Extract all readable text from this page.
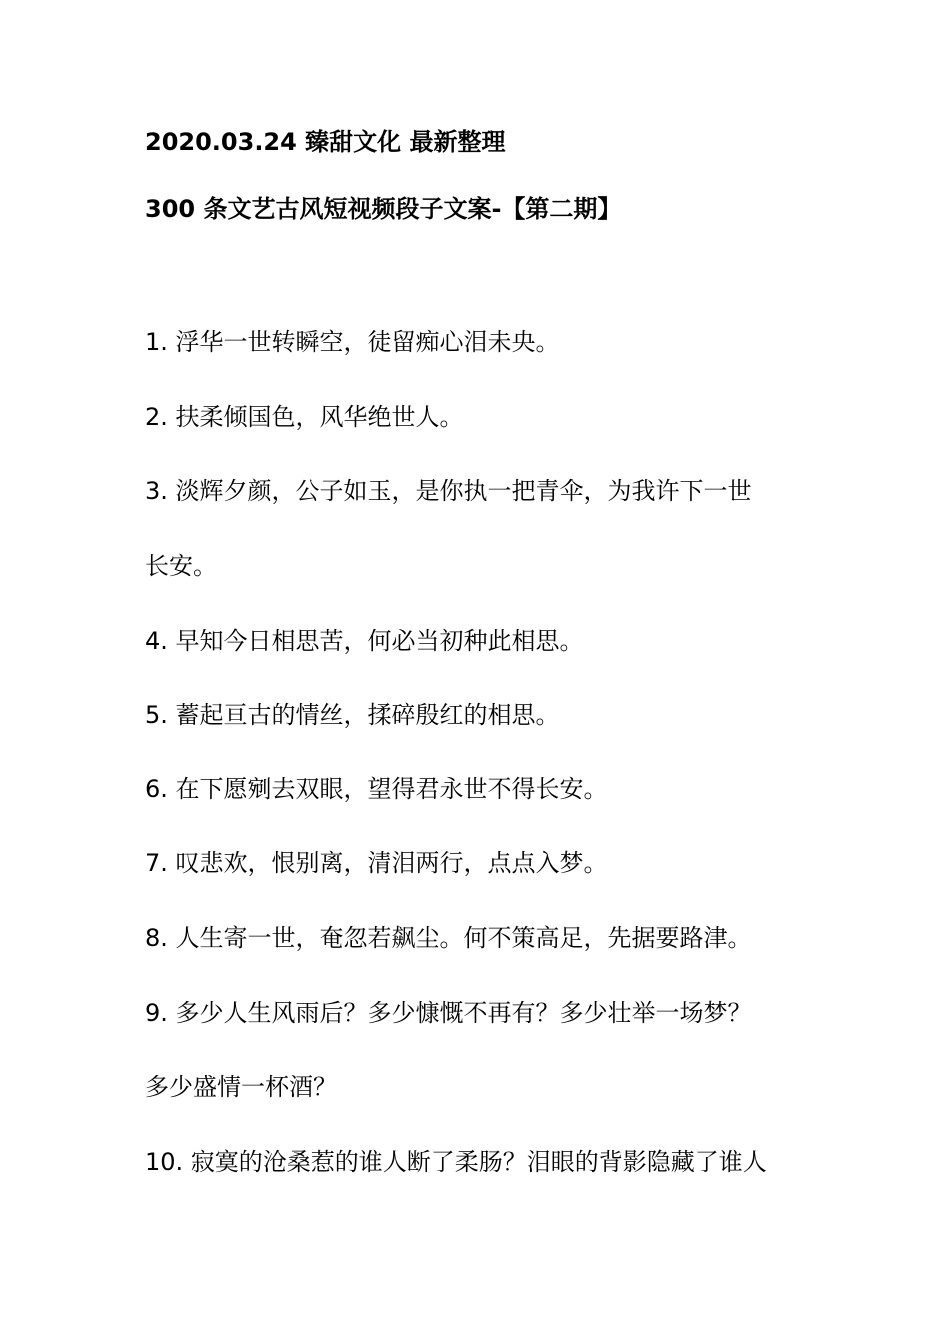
2020.03.24 臻甜文化 最新整理
300 条文艺古风短视频段子文案-【第二期】
1. 浮华一世转瞬空，徒留痴心泪未央。
2. 扶柔倾国色，风华绝世人。
3. 淡辉夕颜，公子如玉，是你执一把青伞，为我许下一世
长安。
4. 早知今日相思苦，何必当初种此相思。
5. 蓄起亘古的情丝，揉碎殷红的相思。
6. 在下愿剜去双眼，望得君永世不得长安。
7. 叹悲欢，恨别离，清泪两行，点点入梦。
8. 人生寄一世，奄忽若飙尘。何不策高足，先据要路津。
9. 多少人生风雨后？多少慷慨不再有？多少壮举一场梦？
多少盛情一杯酒？
10. 寂寞的沧桑惹的谁人断了柔肠？泪眼的背影隐藏了谁人
